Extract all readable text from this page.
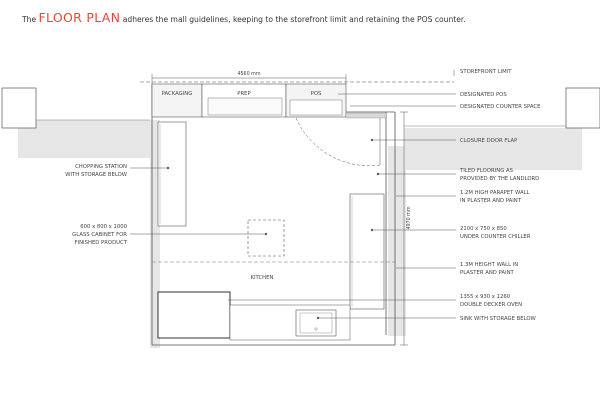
The FLOOR PLAN adheres the mall guidelines, keeping to the storefront limit and retaining the POS counter.
4560 mm
PACKAGING	PREP	POS
KITCHEN
4970 mm
CHOPPING STATION
WITH STORAGE BELOW
600 x 800 x 1000
GLASS CABINET FOR
FINISHED PRODUCT
STOREFRONT LIMIT
DESIGNATED POS
DESIGNATED COUNTER SPACE
CLOSURE DOOR FLAP
TILED FLOORING AS
PROVIDED BY THE LANDLORD
1.2M HIGH PARAPET WALL
IN PLASTER AND PAINT
2100 x 750 x 850
UNDER COUNTER CHILLER
1.3M HEIGHT WALL IN
PLASTER AND PAINT
1355 x 930 x 1260
DOUBLE DECKER OVEN
SINK WITH STORAGE BELOW
